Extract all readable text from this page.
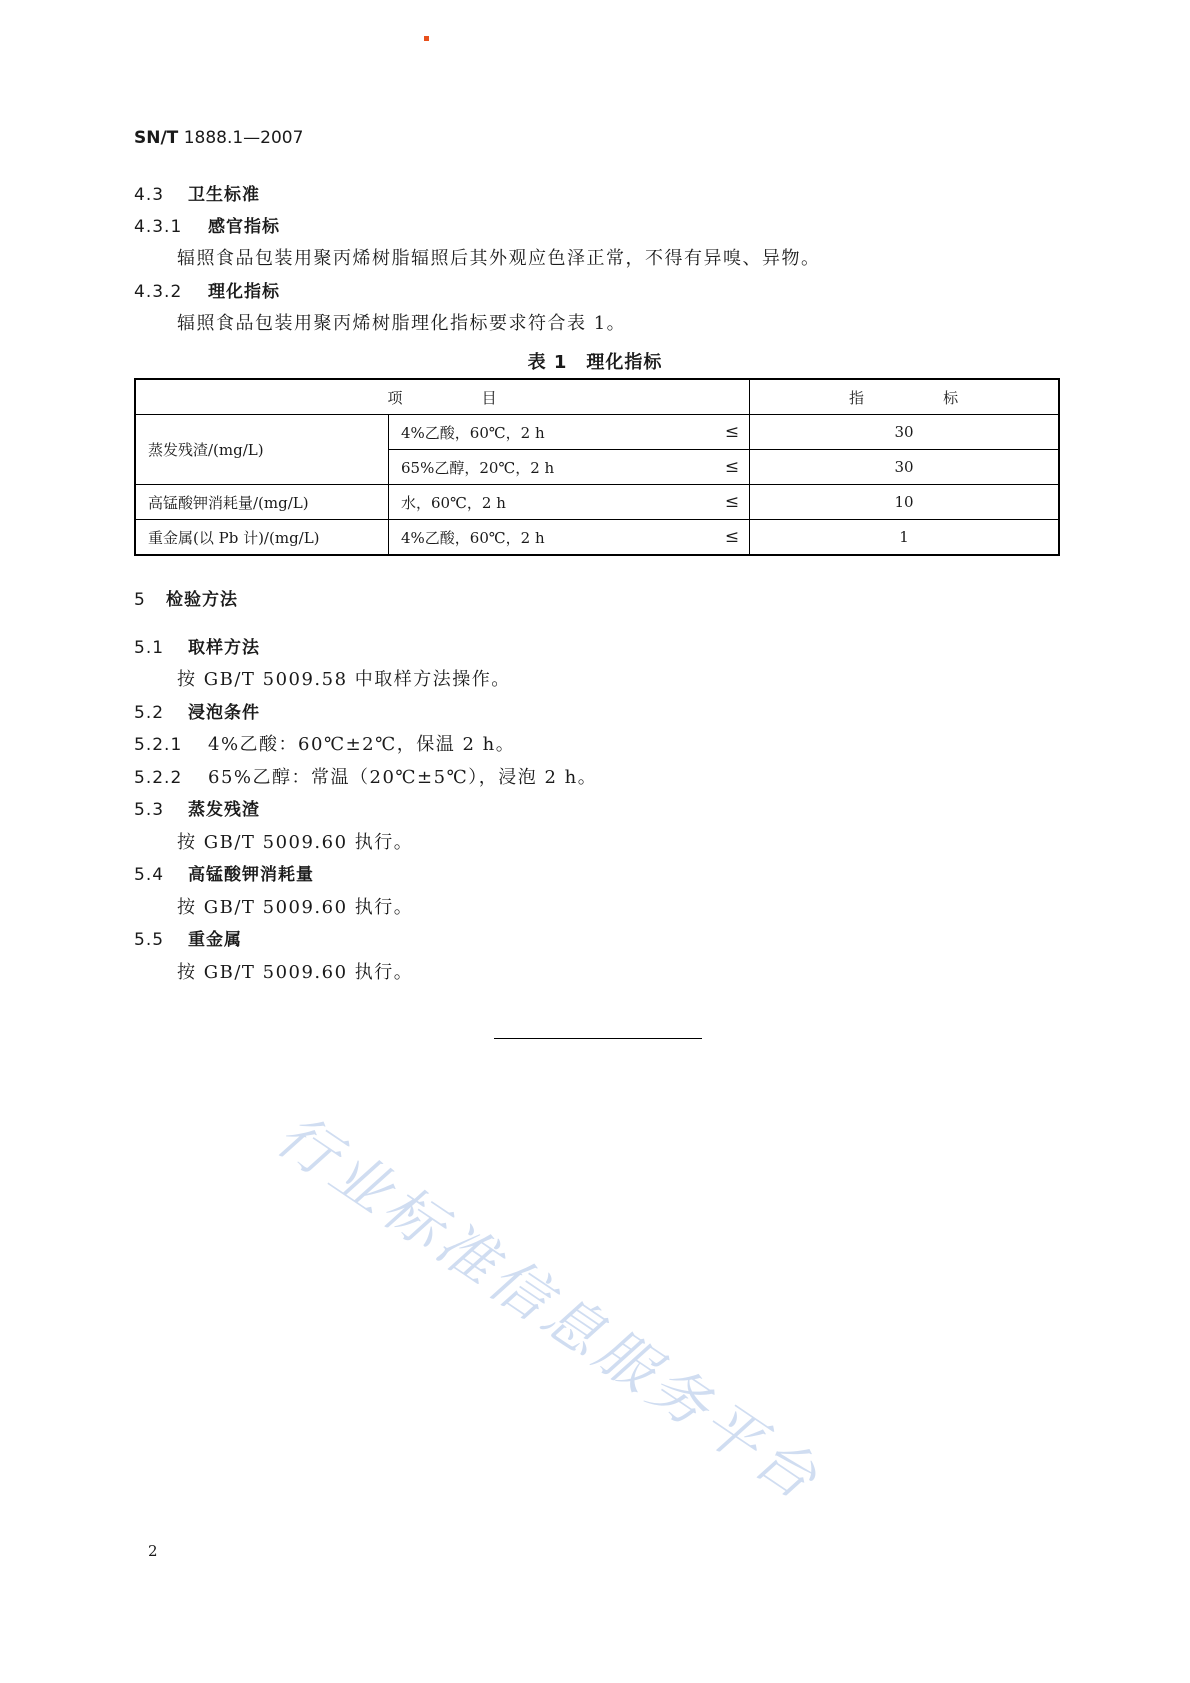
SN/T 1888.1—2007
4.3 卫生标准
4.3.1 感官指标
辐照食品包装用聚丙烯树脂辐照后其外观应色泽正常，不得有异嗅、异物。
4.3.2 理化指标
辐照食品包装用聚丙烯树脂理化指标要求符合表 1。
表 1　理化指标
项 目		指 标
蒸发残渣/(mg/L)	4%乙酸，60℃，2 h ≤	30
	65%乙醇，20℃，2 h ≤	30
高锰酸钾消耗量/(mg/L)	水，60℃，2 h ≤	10
重金属(以 Pb 计)/(mg/L)	4%乙酸，60℃，2 h ≤	1
5 检验方法
5.1 取样方法
按 GB/T 5009.58 中取样方法操作。
5.2 浸泡条件
5.2.1 4%乙酸：60℃±2℃，保温 2 h。
5.2.2 65%乙醇：常温（20℃±5℃），浸泡 2 h。
5.3 蒸发残渣
按 GB/T 5009.60 执行。
5.4 高锰酸钾消耗量
按 GB/T 5009.60 执行。
5.5 重金属
按 GB/T 5009.60 执行。
行业标准信息服务平台
2
